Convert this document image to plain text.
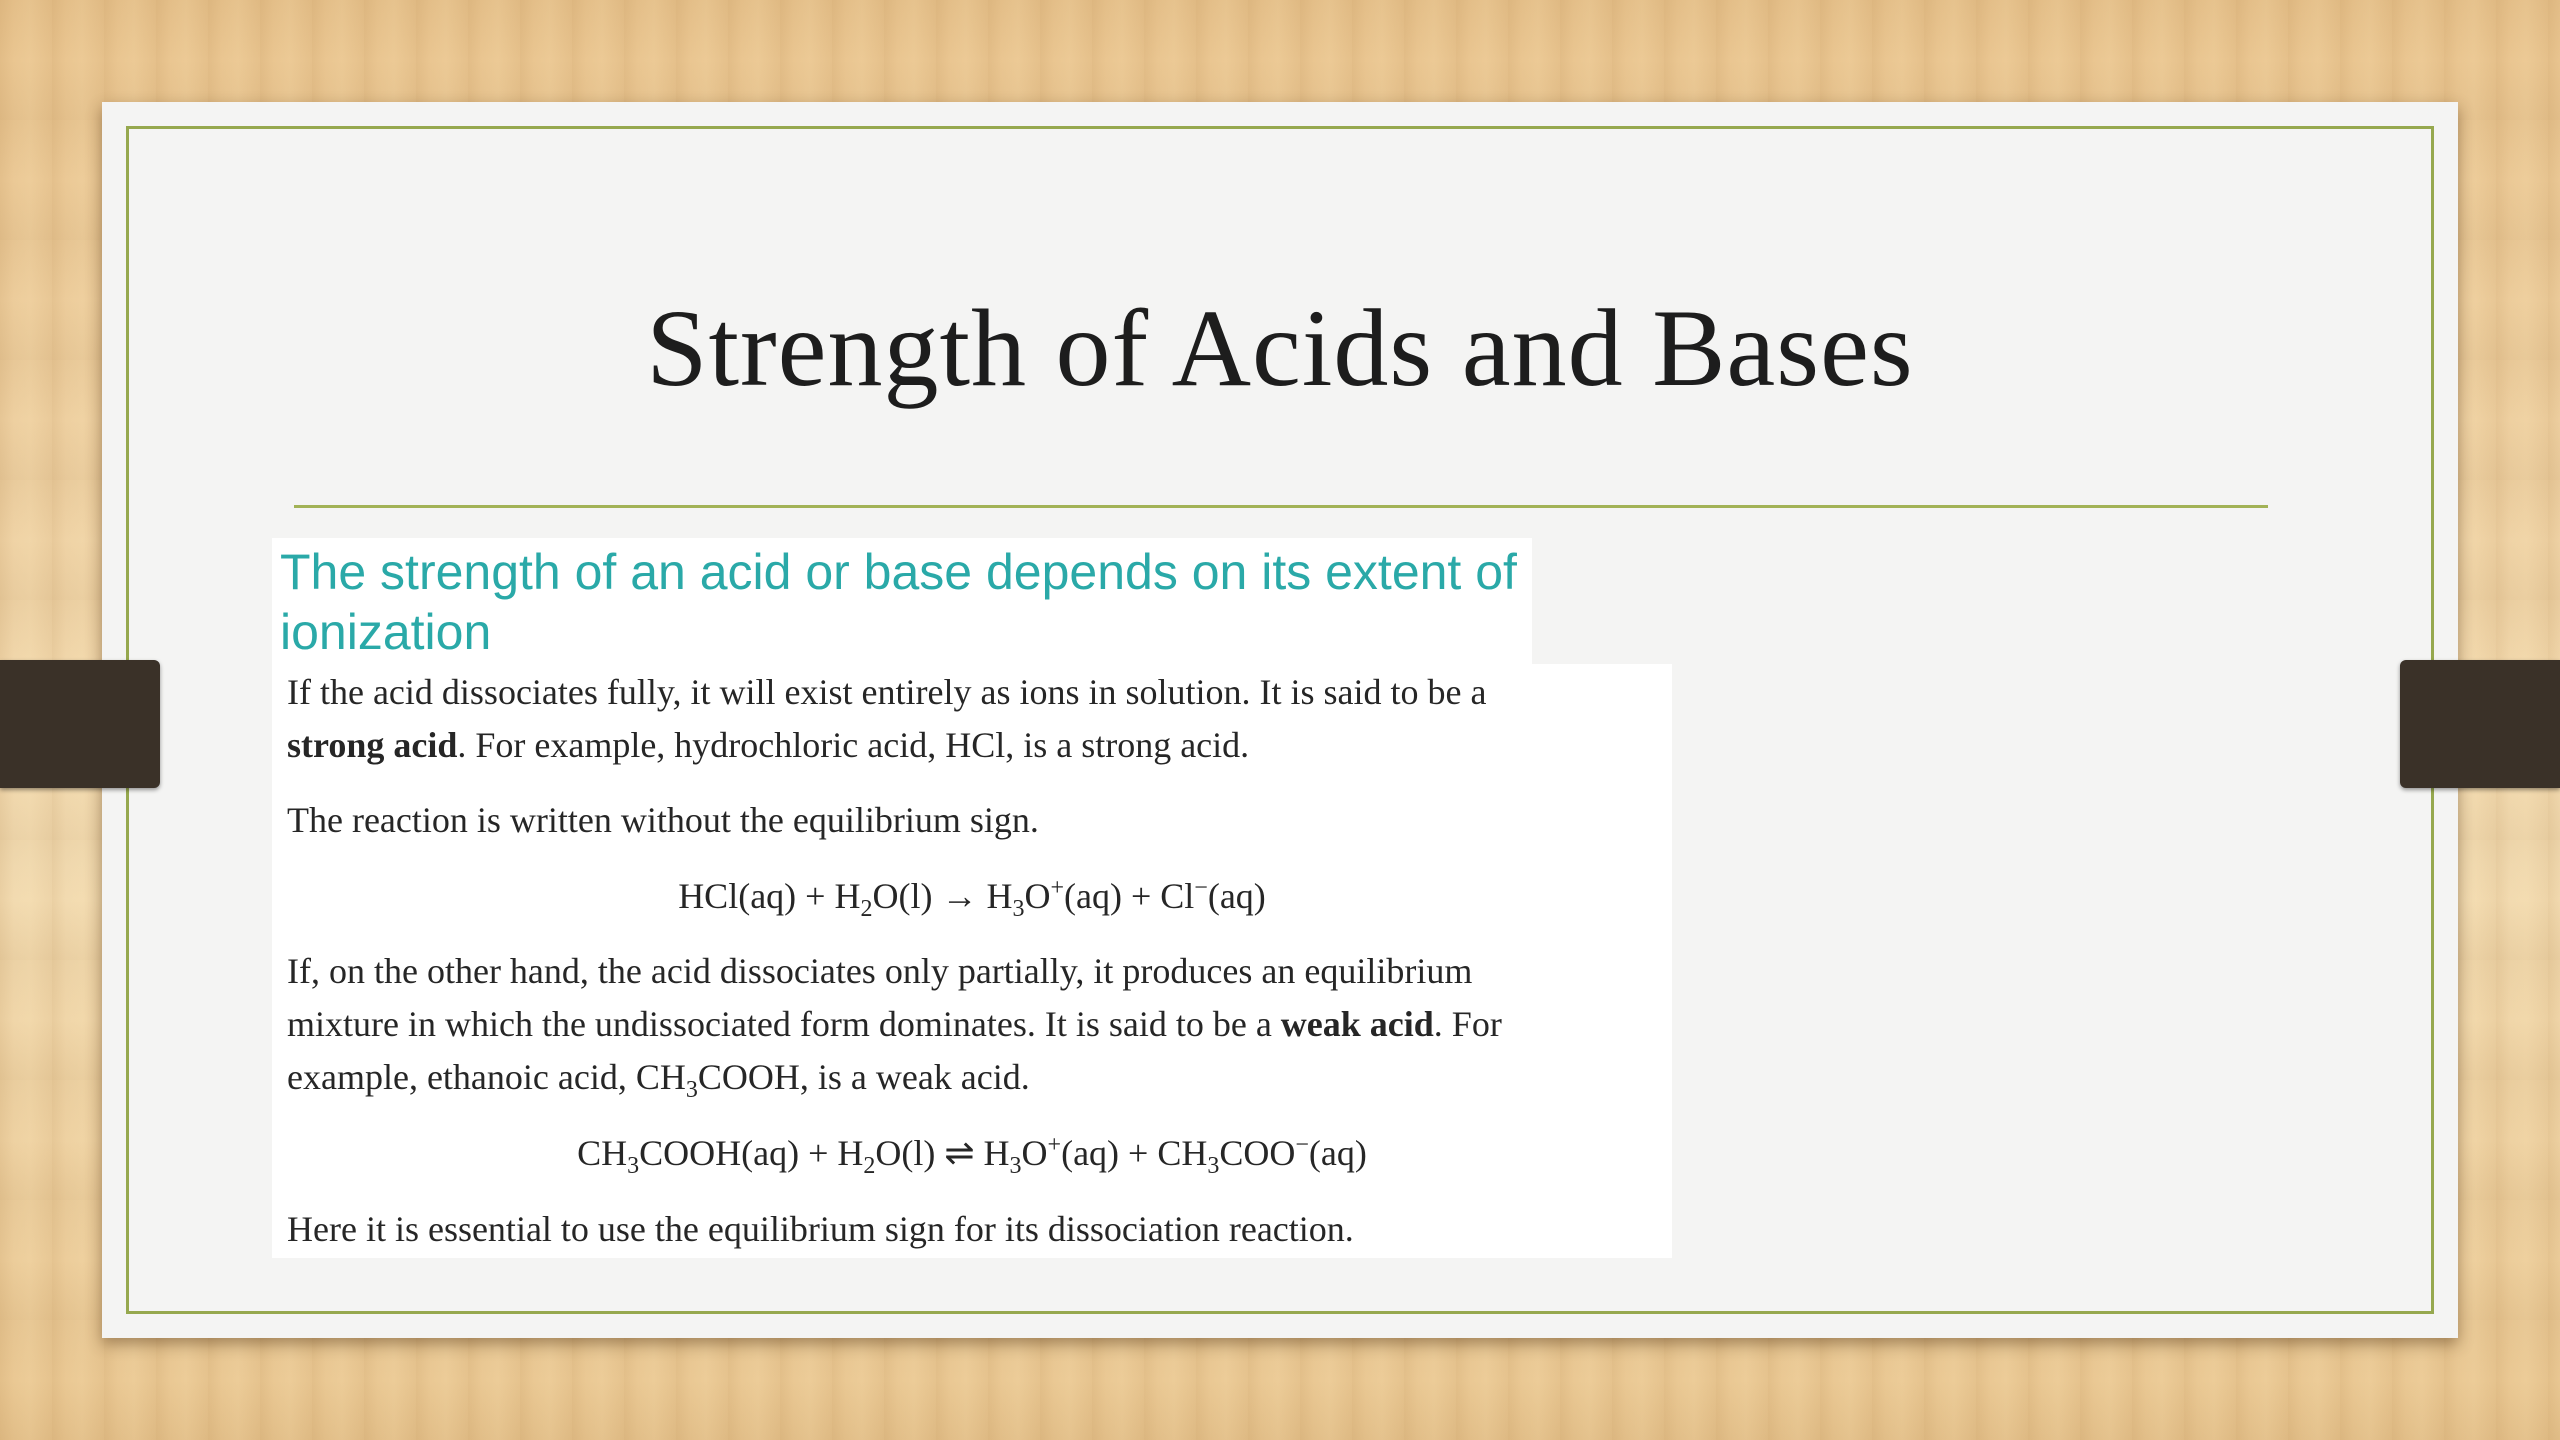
Strength of Acids and Bases
The strength of an acid or base depends on its extent of ionization
If the acid dissociates fully, it will exist entirely as ions in solution. It is said to be a
strong acid. For example, hydrochloric acid, HCl, is a strong acid.
The reaction is written without the equilibrium sign.
$HCl(aq) + H_2O(l) \to H_3O^+(aq) + Cl^-(aq)$
If, on the other hand, the acid dissociates only partially, it produces an equilibrium
mixture in which the undissociated form dominates. It is said to be a weak acid. For
example, ethanoic acid, $CH_3COOH$, is a weak acid.
$CH_3COOH(aq) + H_2O(l)$ ⇌ $H_3O^+(aq) + CH_3COO^-(aq)$
Here it is essential to use the equilibrium sign for its dissociation reaction.
